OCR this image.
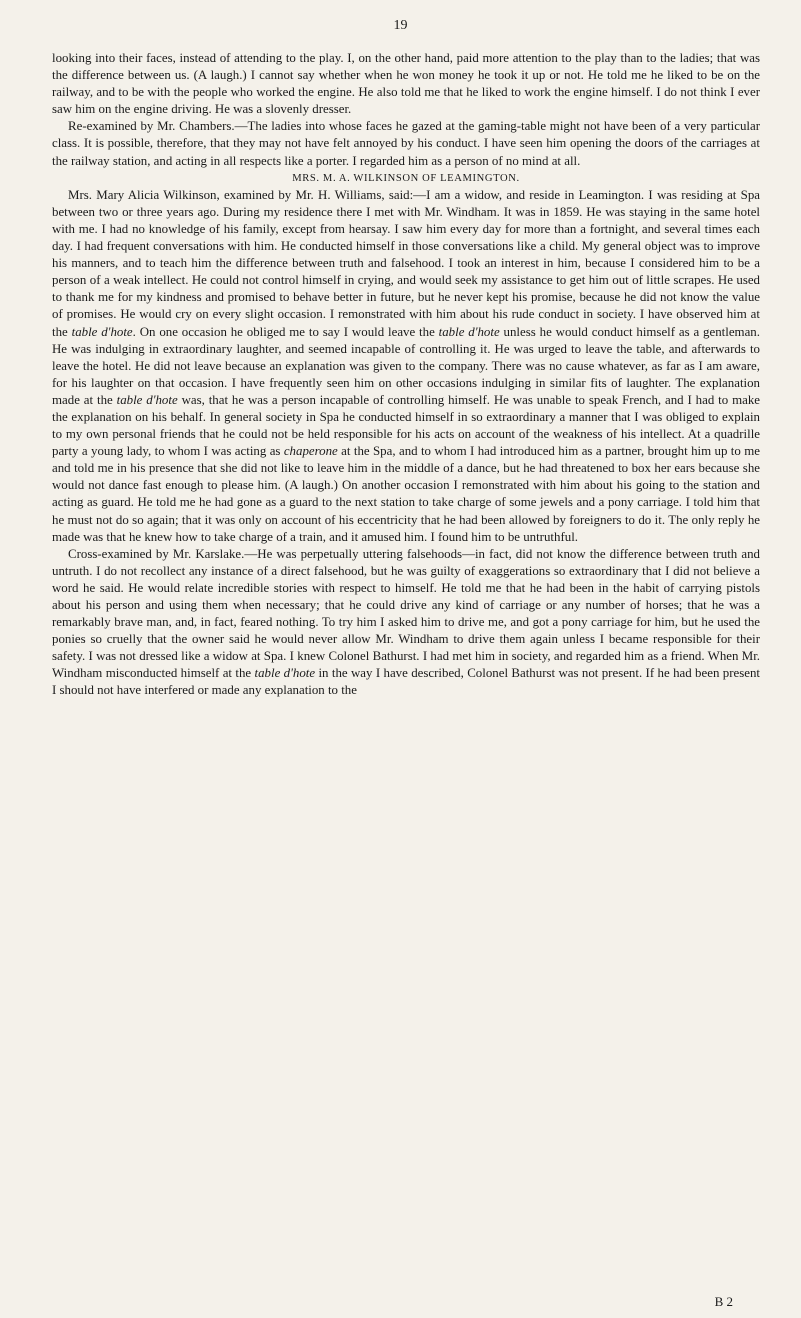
19

looking into their faces, instead of attending to the play. I, on the other hand, paid more attention to the play than to the ladies; that was the difference between us. (A laugh.) I cannot say whether when he won money he took it up or not. He told me he liked to be on the railway, and to be with the people who worked the engine. He also told me that he liked to work the engine himself. I do not think I ever saw him on the engine driving. He was a slovenly dresser.

Re-examined by Mr. Chambers.—The ladies into whose faces he gazed at the gaming-table might not have been of a very particular class. It is possible, therefore, that they may not have felt annoyed by his conduct. I have seen him opening the doors of the carriages at the railway station, and acting in all respects like a porter. I regarded him as a person of no mind at all.

MRS. M. A. WILKINSON OF LEAMINGTON.

Mrs. Mary Alicia Wilkinson, examined by Mr. H. Williams, said:—I am a widow, and reside in Leamington. I was residing at Spa between two or three years ago. During my residence there I met with Mr. Windham. It was in 1859. He was staying in the same hotel with me. I had no knowledge of his family, except from hearsay. I saw him every day for more than a fortnight, and several times each day. I had frequent conversations with him. He conducted himself in those conversations like a child. My general object was to improve his manners, and to teach him the difference between truth and falsehood. I took an interest in him, because I considered him to be a person of a weak intellect. He could not control himself in crying, and would seek my assistance to get him out of little scrapes. He used to thank me for my kindness and promised to behave better in future, but he never kept his promise, because he did not know the value of promises. He would cry on every slight occasion. I remonstrated with him about his rude conduct in society. I have observed him at the table d'hote. On one occasion he obliged me to say I would leave the table d'hote unless he would conduct himself as a gentleman. He was indulging in extraordinary laughter, and seemed incapable of controlling it. He was urged to leave the table, and afterwards to leave the hotel. He did not leave because an explanation was given to the company. There was no cause whatever, as far as I am aware, for his laughter on that occasion. I have frequently seen him on other occasions indulging in similar fits of laughter. The explanation made at the table d'hote was, that he was a person incapable of controlling himself. He was unable to speak French, and I had to make the explanation on his behalf. In general society in Spa he conducted himself in so extraordinary a manner that I was obliged to explain to my own personal friends that he could not be held responsible for his acts on account of the weakness of his intellect. At a quadrille party a young lady, to whom I was acting as chaperone at the Spa, and to whom I had introduced him as a partner, brought him up to me and told me in his presence that she did not like to leave him in the middle of a dance, but he had threatened to box her ears because she would not dance fast enough to please him. (A laugh.) On another occasion I remonstrated with him about his going to the station and acting as guard. He told me he had gone as a guard to the next station to take charge of some jewels and a pony carriage. I told him that he must not do so again; that it was only on account of his eccentricity that he had been allowed by foreigners to do it. The only reply he made was that he knew how to take charge of a train, and it amused him. I found him to be untruthful.

Cross-examined by Mr. Karslake.—He was perpetually uttering falsehoods—in fact, did not know the difference between truth and untruth. I do not recollect any instance of a direct falsehood, but he was guilty of exaggerations so extraordinary that I did not believe a word he said. He would relate incredible stories with respect to himself. He told me that he had been in the habit of carrying pistols about his person and using them when necessary; that he could drive any kind of carriage or any number of horses; that he was a remarkably brave man, and, in fact, feared nothing. To try him I asked him to drive me, and got a pony carriage for him, but he used the ponies so cruelly that the owner said he would never allow Mr. Windham to drive them again unless I became responsible for their safety. I was not dressed like a widow at Spa. I knew Colonel Bathurst. I had met him in society, and regarded him as a friend. When Mr. Windham misconducted himself at the table d'hote in the way I have described, Colonel Bathurst was not present. If he had been present I should not have interfered or made any explanation to the

B 2
